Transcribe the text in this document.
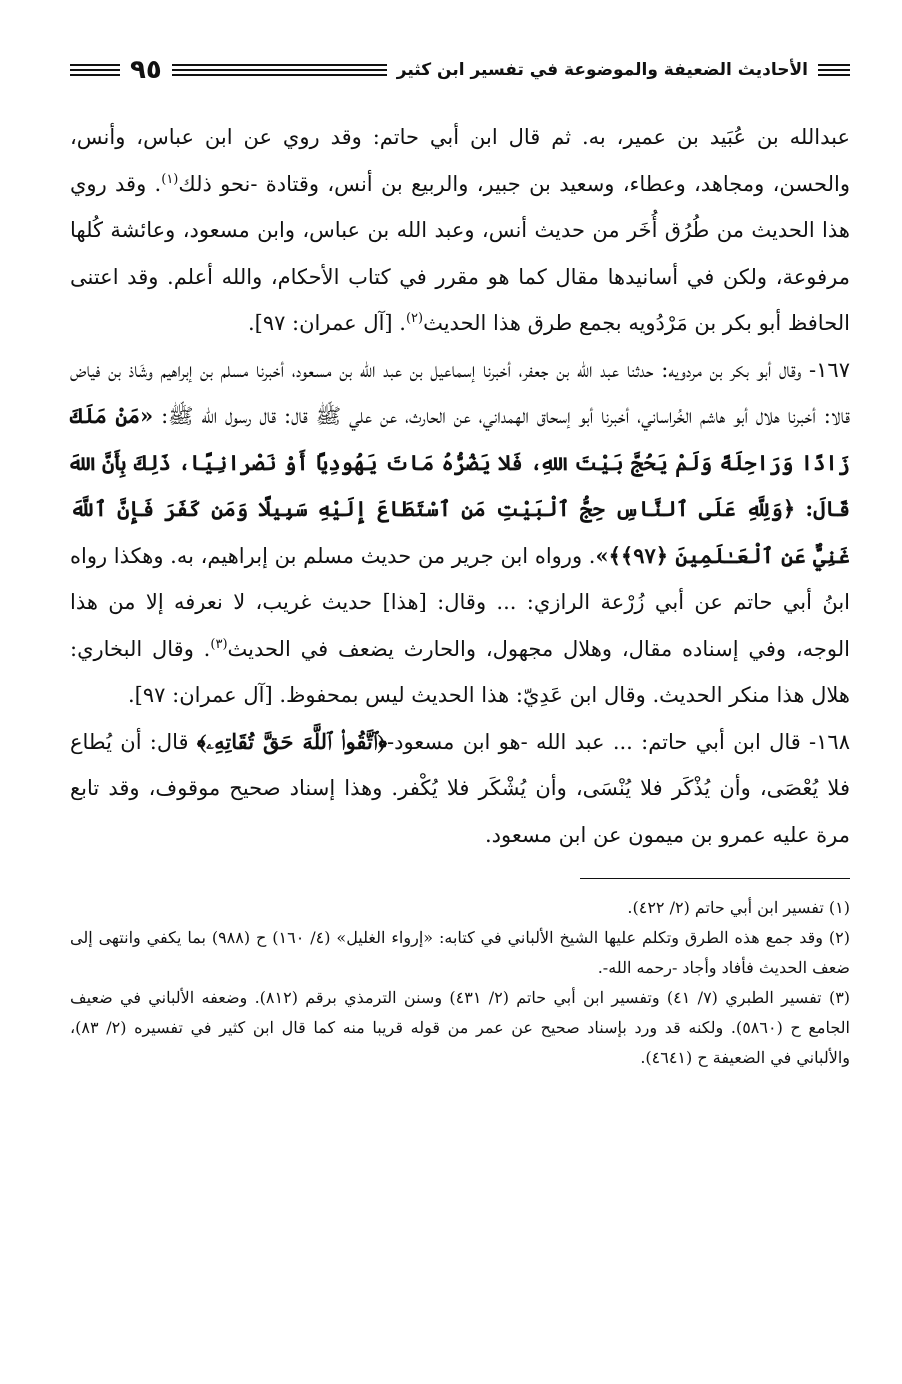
الأحاديث الضعيفة والموضوعة في تفسير ابن كثير
٩٥

عبدالله بن عُبَيد بن عمير، به. ثم قال ابن أبي حاتم: وقد روي عن ابن عباس، وأنس، والحسن، ومجاهد، وعطاء، وسعيد بن جبير، والربيع بن أنس، وقتادة -نحو ذلك$^{(١)}$. وقد روي هذا الحديث من طُرُق أُخَر من حديث أنس، وعبد الله بن عباس، وابن مسعود، وعائشة كُلها مرفوعة، ولكن في أسانيدها مقال كما هو مقرر في كتاب الأحكام، والله أعلم. وقد اعتنى الحافظ أبو بكر بن مَرْدُويه بجمع طرق هذا الحديث$^{(٢)}$. [آل عمران: ٩٧].

١٦٧- وقال أبو بكر بن مردويه: حدثنا عبد الله بن جعفر، أخبرنا إسماعيل بن عبد الله بن مسعود، أخبرنا مسلم بن إبراهيم وشَاذ بن فياض قالا: أخبرنا هلال أبو هاشم الخُراساني، أخبرنا أبو إسحاق الهمداني، عن الحارث، عن علي ﷺ قال: قال رسول الله ﷺ: «مَنْ مَلَكَ زَادًا وَرَاحِلَةً وَلَمْ يَحُجَّ بَيْتَ اللهِ، فَلا يَضُرُّهُ مَاتَ يَهُودِيًا أَوْ نَصْرانِيًا، ذَلِكَ بِأَنَّ اللهَ قَالَ: ﴿وَلِلَّهِ عَلَى ٱلنَّاسِ حِجُّ ٱلْبَيْتِ مَنِ ٱسْتَطَاعَ إِلَيْهِ سَبِيلًا وَمَن كَفَرَ فَإِنَّ ٱللَّهَ غَنِيٌّ عَنِ ٱلْعَـٰلَمِينَ ﴿٩٧﴾﴾». ورواه ابن جرير من حديث مسلم بن إبراهيم، به. وهكذا رواه ابنُ أبي حاتم عن أبي زُرْعة الرازي: ... وقال: [هذا] حديث غريب، لا نعرفه إلا من هذا الوجه، وفي إسناده مقال، وهلال مجهول، والحارث يضعف في الحديث$^{(٣)}$. وقال البخاري: هلال هذا منكر الحديث. وقال ابن عَدِيّ: هذا الحديث ليس بمحفوظ. [آل عمران: ٩٧].

١٦٨- قال ابن أبي حاتم: ... عبد الله -هو ابن مسعود-﴿ٱتَّقُوا۟ ٱللَّهَ حَقَّ تُقَاتِهِۦ﴾ قال: أن يُطاع فلا يُعْصَى، وأن يُذْكَر فلا يُنْسَى، وأن يُشْكَر فلا يُكْفر. وهذا إسناد صحيح موقوف، وقد تابع مرة عليه عمرو بن ميمون عن ابن مسعود.

(١) تفسير ابن أبي حاتم (٢/ ٤٢٢).

(٢) وقد جمع هذه الطرق وتكلم عليها الشيخ الألباني في كتابه: «إرواء الغليل» (٤/ ١٦٠) ح (٩٨٨) بما يكفي وانتهى إلى ضعف الحديث فأفاد وأجاد -رحمه الله-.

(٣) تفسير الطبري (٧/ ٤١) وتفسير ابن أبي حاتم (٢/ ٤٣١) وسنن الترمذي برقم (٨١٢). وضعفه الألباني في ضعيف الجامع ح (٥٨٦٠). ولكنه قد ورد بإسناد صحيح عن عمر من قوله قريبا منه كما قال ابن كثير في تفسيره (٢/ ٨٣)، والألباني في الضعيفة ح (٤٦٤١).
